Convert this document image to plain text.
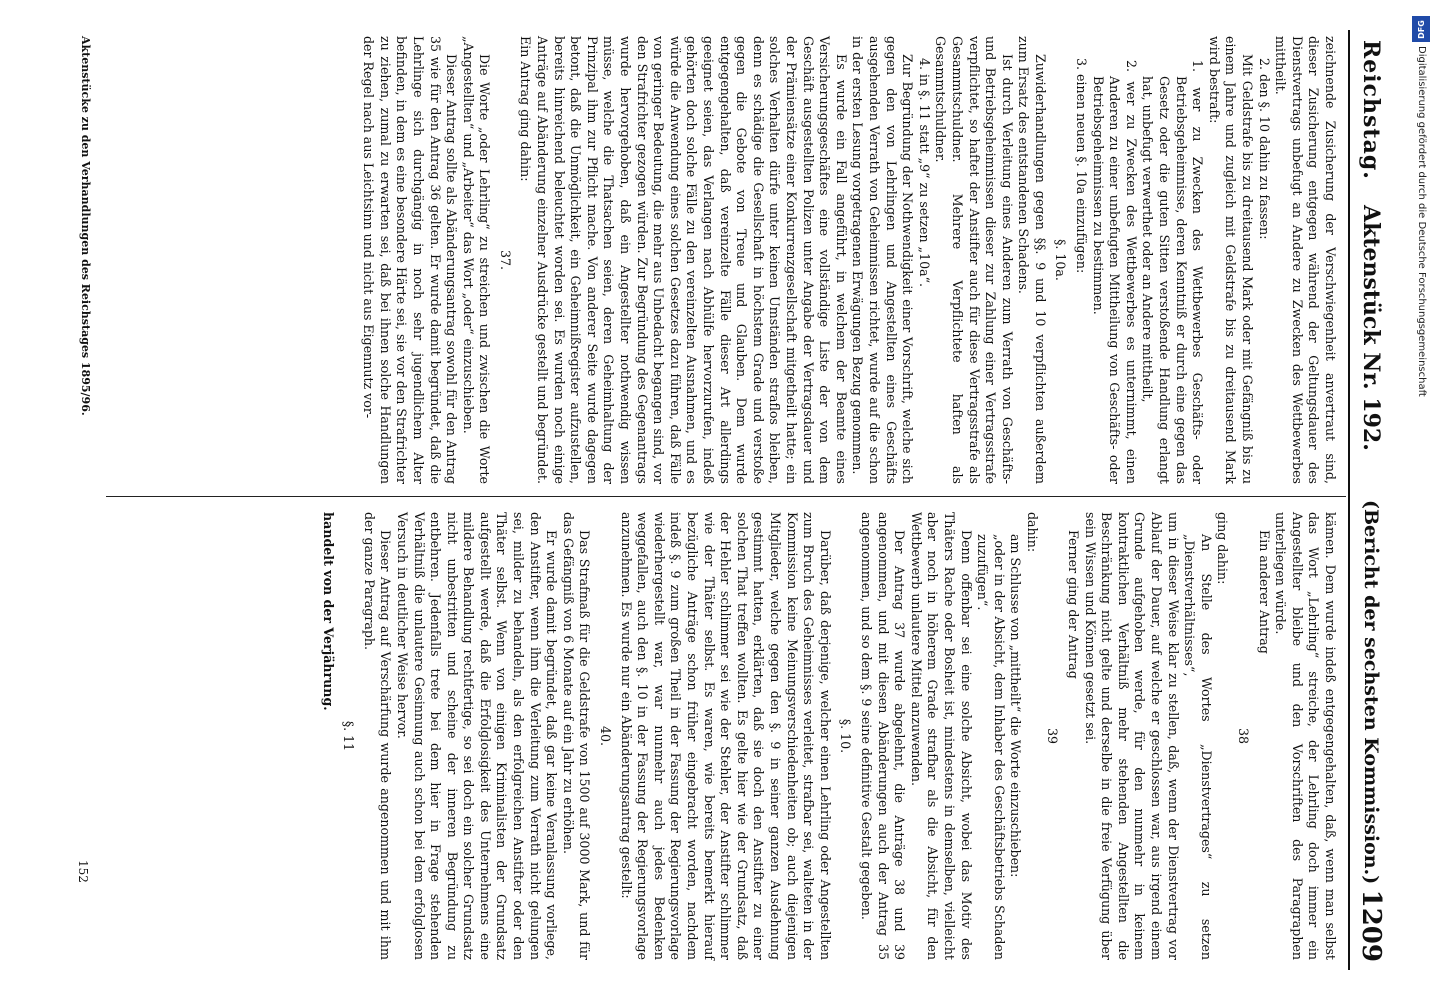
Reichstag.
Aktenstück Nr. 192.
(Bericht der sechsten Kommission.)
1209

zeichnende Zusicherung der Verschwiegenheit anvertraut sind, dieser Zusicherung entgegen während der Geltungsdauer des Dienstvertrags unbefugt an Andere zu Zwecken des Wettbewerbes mittheilt.

2. den §. 10 dahin zu fassen:

Mit Geldstrafe bis zu dreitausend Mark oder mit Gefängniß bis zu einem Jahre und zugleich mit Geldstrafe bis zu dreitausend Mark wird bestraft:

1. wer zu Zwecken des Wettbewerbes Geschäfts- oder Betriebsgeheimnisse, deren Kenntniß er durch eine gegen das Gesetz oder die guten Sitten verstoßende Handlung erlangt hat, unbefugt verwerthet oder an Andere mittheilt,

2. wer zu Zwecken des Wettbewerbes es unternimmt, einen Anderen zu einer unbefugten Mittheilung von Geschäfts- oder Betriebsgeheimnissen zu bestimmen.

3. einen neuen §. 10a einzufügen:

§. 10a.

Zuwiderhandlungen gegen §§. 9 und 10 verpflichten außerdem zum Ersatz des entstandenen Schadens.

Ist durch Verleitung eines Anderen zum Verrath von Geschäfts- und Betriebsgeheimnissen dieser zur Zahlung einer Vertragsstrafe verpflichtet, so haftet der Anstifter auch für diese Vertragsstrafe als Gesammtschuldner. Mehrere Verpflichtete haften als Gesammtschuldner.

4. in §. 11 statt „9“ zu setzen „10a“.

Zur Begründung der Nothwendigkeit einer Vorschrift, welche sich gegen den von Lehrlingen und Angestellten eines Geschäfts ausgehenden Verrath von Geheimnissen richtet, wurde auf die schon in der ersten Lesung vorgetragenen Erwägungen Bezug genommen.

Es wurde ein Fall angeführt, in welchem der Beamte eines Versicherungsgeschäftes eine vollständige Liste der von dem Geschäft ausgestellten Polizen unter Angabe der Vertragsdauer und der Prämiensätze einer Konkurrenzgesellschaft mitgetheilt hatte; ein solches Verhalten dürfe unter keinen Umständen straflos bleiben, denn es schädige die Gesellschaft in höchstem Grade und verstoße gegen die Gebote von Treue und Glauben. Dem wurde entgegengehalten, daß vereinzelte Fälle dieser Art allerdings geeignet seien, das Verlangen nach Abhülfe hervorzurufen, indeß gehörten doch solche Fälle zu den vereinzelten Ausnahmen, und es würde die Anwendung eines solchen Gesetzes dazu führen, daß Fälle von geringer Bedeutung, die mehr aus Unbedacht begangen sind, vor den Strafrichter gezogen würden. Zur Begründung des Gegenantrags wurde hervorgehoben, daß ein Angestellter nothwendig wissen müsse, welche die Thatsachen seien, deren Geheimhaltung der Prinzipal ihm zur Pflicht mache. Von anderer Seite wurde dagegen betont, daß die Unmöglichkeit, ein Geheimnißregister aufzustellen, bereits hinreichend beleuchtet worden sei. Es wurden noch einige Anträge auf Abänderung einzelner Ausdrücke gestellt und begründet. Ein Antrag ging dahin:

37.

Die Worte „oder Lehrling“ zu streichen und zwischen die Worte „Angestellten“ und „Arbeiter“ das Wort „oder“ einzuschieben.

Dieser Antrag sollte als Abänderungsantrag sowohl für den Antrag 35 wie für den Antrag 36 gelten. Er wurde damit begründet, daß die Lehrlinge sich durchgängig in noch sehr jugendlichem Alter befinden, in dem es eine besondere Härte sei, sie vor den Strafrichter zu ziehen, zumal zu erwarten sei, daß bei ihnen solche Handlungen der Regel nach aus Leichtsinn und nicht aus Eigennutz vor-

kämen. Dem wurde indeß entgegengehalten, daß, wenn man selbst das Wort „Lehrling“ streiche, der Lehrling doch immer ein Angestellter bleibe und den Vorschriften des Paragraphen unterliegen würde.

Ein anderer Antrag

38

ging dahin:

An Stelle des Wortes „Dienstvertrages“ zu setzen „Dienstverhältnisses“,

um in dieser Weise klar zu stellen, daß, wenn der Dienstvertrag vor Ablauf der Dauer, auf welche er geschlossen war, aus irgend einem Grunde aufgehoben werde, für den nunmehr in keinem kontraktlichen Verhältniß mehr stehenden Angestellten die Beschränkung nicht gelte und derselbe in die freie Verfügung über sein Wissen und Können gesetzt sei.

Ferner ging der Antrag

39

dahin:

am Schlusse von „mittheilt“ die Worte einzuschieben:

„oder in der Absicht, dem Inhaber des Geschäftsbetriebs Schaden zuzufügen“.

Denn offenbar sei eine solche Absicht, wobei das Motiv des Thäters Rache oder Bosheit ist, mindestens in demselben, vielleicht aber noch in höherem Grade strafbar als die Absicht, für den Wettbewerb unlautere Mittel anzuwenden.

Der Antrag 37 wurde abgelehnt, die Anträge 38 und 39 angenommen, und mit diesen Abänderungen auch der Antrag 35 angenommen, und so dem §. 9 seine definitive Gestalt gegeben.

§. 10.

Darüber, daß derjenige, welcher einen Lehrling oder Angestellten zum Bruch des Geheimnisses verleitet, strafbar sei, walteten in der Kommission keine Meinungsverschiedenheiten ob; auch diejenigen Mitglieder, welche gegen den §. 9 in seiner ganzen Ausdehnung gestimmt hatten, erklärten, daß sie doch den Anstifter zu einer solchen That treffen wollten. Es gelte hier wie der Grundsatz, daß der Hehler schlimmer sei wie der Stehler, der Anstifter schlimmer wie der Thäter selbst. Es waren, wie bereits bemerkt hierauf bezügliche Anträge schon früher eingebracht worden, nachdem indeß §. 9 zum großen Theil in der Fassung der Regierungsvorlage wiederhergestellt war, war nunmehr auch jedes Bedenken weggefallen, auch den §. 10 in der Fassung der Regierungsvorlage anzunehmen. Es wurde nur ein Abänderungsantrag gestellt:

40.

Das Strafmaß für die Geldstrafe von 1500 auf 3000 Mark, und für das Gefängniß von 6 Monate auf ein Jahr zu erhöhen.

Er wurde damit begründet, daß gar keine Veranlassung vorliege, den Anstifter, wenn ihm die Verleitung zum Verrath nicht gelungen sei, milder zu behandeln, als den erfolgreichen Anstifter oder den Thäter selbst. Wenn von einigen Kriminalisten der Grundsatz aufgestellt werde, daß die Erfolglosigkeit des Unternehmens eine mildere Behandlung rechtfertige, so sei doch ein solcher Grundsatz nicht unbestritten und scheine der inneren Begründung zu entbehren. Jedenfalls trete bei dem hier in Frage stehenden Verhältniß die unlautere Gesinnung auch schon bei dem erfolglosen Versuch in deutlicher Weise hervor.

Dieser Antrag auf Verschärfung wurde angenommen und mit ihm der ganze Paragraph.

§. 11

handelt von der Verjährung.

Aktenstücke zu den Verhandlungen des Reichstages 1895/96.
152
DFG
Digitalisierung gefördert durch die Deutsche Forschungsgemeinschaft
